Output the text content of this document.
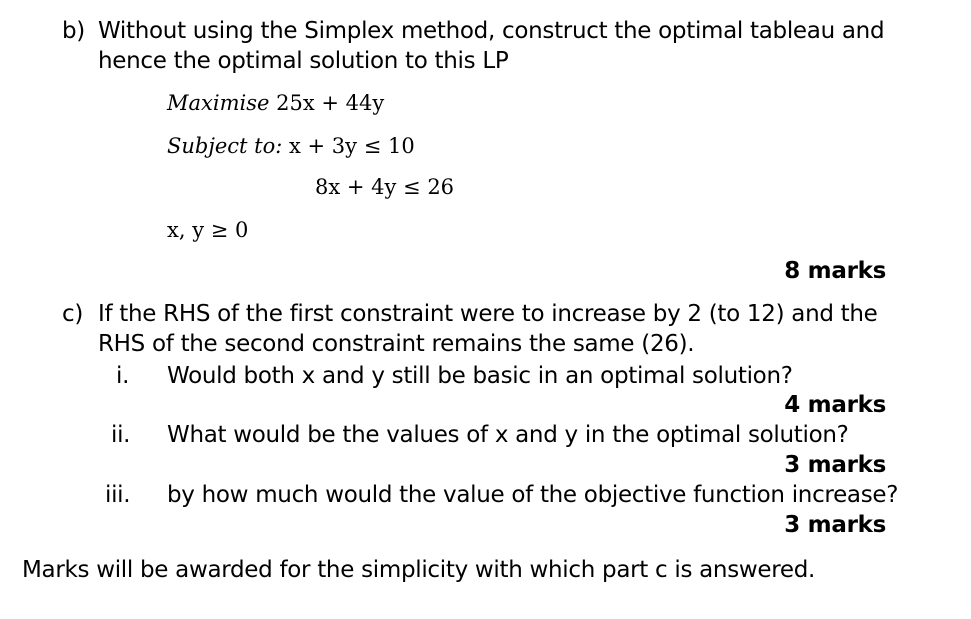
b) Without using the Simplex method, construct the optimal tableau and
hence the optimal solution to this LP
Maximise 25x + 44y
Subject to: x + 3y ≤ 10
8x + 4y ≤ 26
x, y ≥ 0
8 marks
c) If the RHS of the first constraint were to increase by 2 (to 12) and the
RHS of the second constraint remains the same (26).
i. Would both x and y still be basic in an optimal solution?
4 marks
ii. What would be the values of x and y in the optimal solution?
3 marks
iii. by how much would the value of the objective function increase?
3 marks
Marks will be awarded for the simplicity with which part c is answered.
